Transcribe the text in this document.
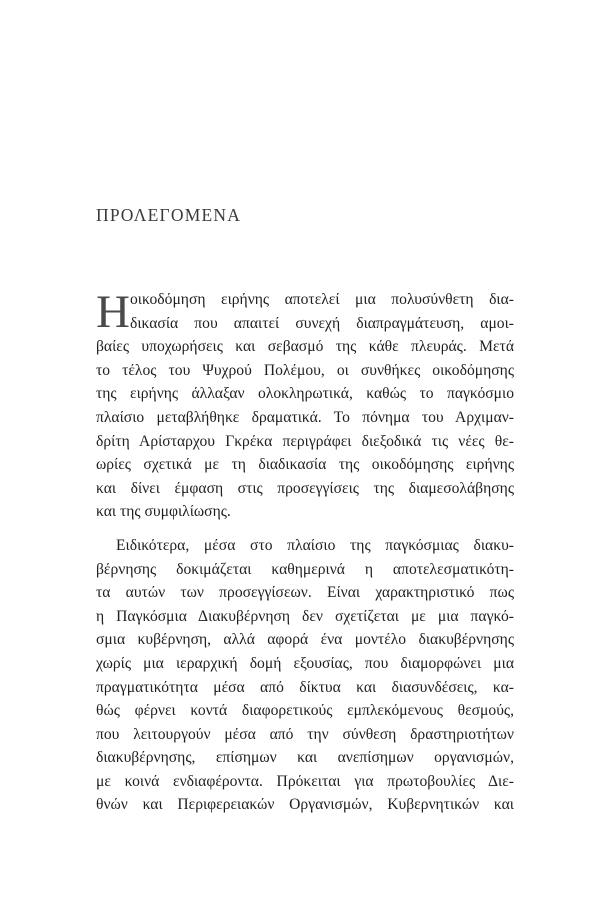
ΠΡΟΛΕΓΟΜΕΝΑ
Η οικοδόμηση ειρήνης αποτελεί μια πολυσύνθετη δια-
δικασία που απαιτεί συνεχή διαπραγμάτευση, αμοι-
βαίες υποχωρήσεις και σεβασμό της κάθε πλευράς. Μετά
το τέλος του Ψυχρού Πολέμου, οι συνθήκες οικοδόμησης
της ειρήνης άλλαξαν ολοκληρωτικά, καθώς το παγκόσμιο
πλαίσιο μεταβλήθηκε δραματικά. Το πόνημα του Αρχιμαν-
δρίτη Αρίσταρχου Γκρέκα περιγράφει διεξοδικά τις νέες θε-
ωρίες σχετικά με τη διαδικασία της οικοδόμησης ειρήνης
και δίνει έμφαση στις προσεγγίσεις της διαμεσολάβησης
και της συμφιλίωσης.
Ειδικότερα, μέσα στο πλαίσιο της παγκόσμιας διακυ-
βέρνησης δοκιμάζεται καθημερινά η αποτελεσματικότη-
τα αυτών των προσεγγίσεων. Είναι χαρακτηριστικό πως
η Παγκόσμια Διακυβέρνηση δεν σχετίζεται με μια παγκό-
σμια κυβέρνηση, αλλά αφορά ένα μοντέλο διακυβέρνησης
χωρίς μια ιεραρχική δομή εξουσίας, που διαμορφώνει μια
πραγματικότητα μέσα από δίκτυα και διασυνδέσεις, κα-
θώς φέρνει κοντά διαφορετικούς εμπλεκόμενους θεσμούς,
που λειτουργούν μέσα από την σύνθεση δραστηριοτήτων
διακυβέρνησης, επίσημων και ανεπίσημων οργανισμών,
με κοινά ενδιαφέροντα. Πρόκειται για πρωτοβουλίες Διε-
θνών και Περιφερειακών Οργανισμών, Κυβερνητικών και
